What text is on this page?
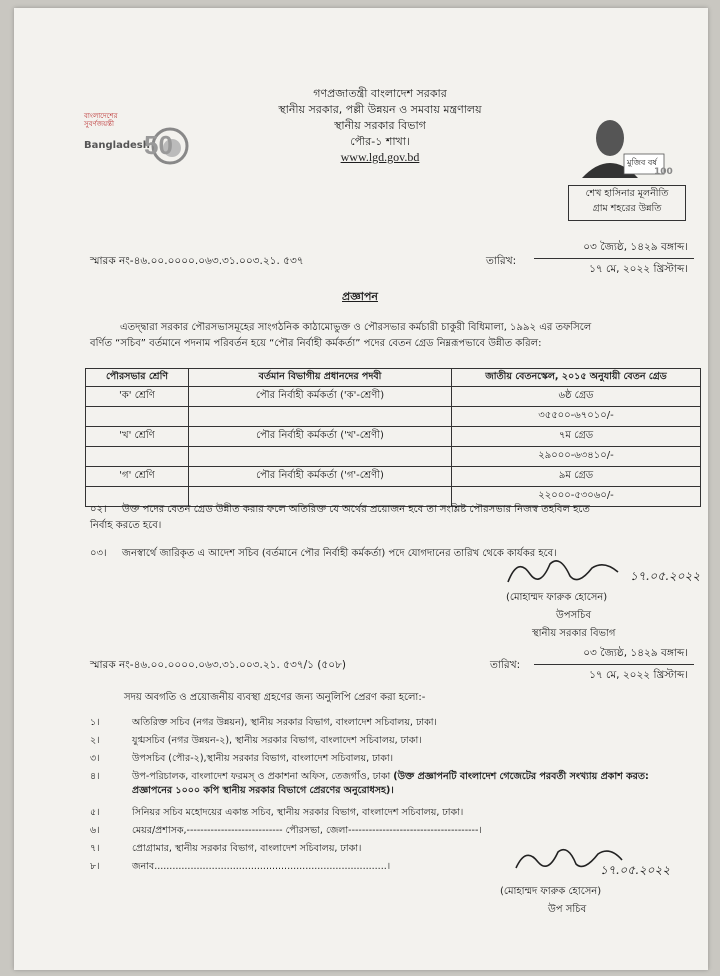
বাংলাদেশের সুবর্ণজয়ন্তী
Bangladesh
50
গণপ্রজাতন্ত্রী বাংলাদেশ সরকার
স্থানীয় সরকার, পল্লী উন্নয়ন ও সমবায় মন্ত্রণালয়
স্থানীয় সরকার বিভাগ
পৌর-১ শাখা।
www.lgd.gov.bd	মুজিব বর্ষ
100
শেখ হাসিনার মূলনীতি
গ্রাম শহরের উন্নতি
স্মারক নং-৪৬.০০.০০০০.০৬৩.৩১.০০৩.২১. ৫৩৭	তারিখ:
০৩ জ্যৈষ্ঠ, ১৪২৯ বঙ্গাব্দ।
১৭ মে, ২০২২ খ্রিস্টাব্দ।
প্রজ্ঞাপন
এতদ্দ্বারা সরকার পৌরসভাসমূহের সাংগঠনিক কাঠামোভুক্ত ও পৌরসভার কর্মচারী চাকুরী বিধিমালা, ১৯৯২ এর তফসিলে
বর্ণিত “সচিব” বর্তমানে পদনাম পরিবর্তন হয়ে “পৌর নির্বাহী কর্মকর্তা” পদের বেতন গ্রেড নিম্নরূপভাবে উন্নীত করিল:
পৌরসভার শ্রেণি	বর্তমান বিভাগীয় প্রধানদের পদবী	জাতীয় বেতনস্কেল, ২০১৫ অনুযায়ী বেতন গ্রেড
'ক' শ্রেণি	পৌর নির্বাহী কর্মকর্তা ('ক'-শ্রেণী)	৬ষ্ঠ গ্রেড
		৩৫৫০০-৬৭০১০/-
'খ' শ্রেণি	পৌর নির্বাহী কর্মকর্তা ('খ'-শ্রেণী)	৭ম গ্রেড
		২৯০০০-৬৩৪১০/-
'গ' শ্রেণি	পৌর নির্বাহী কর্মকর্তা ('গ'-শ্রেণী)	৯ম গ্রেড
		২২০০০-৫৩০৬০/-
০২। উক্ত পদের বেতন গ্রেড উন্নীত করার ফলে অতিরিক্ত যে অর্থের প্রয়োজন হবে তা সংশ্লিষ্ট পৌরসভার নিজস্ব তহবিল হতে
নির্বাহ করতে হবে।
০৩। জনস্বার্থে জারিকৃত এ আদেশ সচিব (বর্তমানে পৌর নির্বাহী কর্মকর্তা) পদে যোগদানের তারিখ থেকে কার্যকর হবে।
১৭.০৫.২০২২
(মোহাম্মদ ফারুক হোসেন)
উপসচিব
স্থানীয় সরকার বিভাগ
স্মারক নং-৪৬.০০.০০০০.০৬৩.৩১.০০৩.২১. ৫৩৭/১ (৫০৮)	তারিখ:
০৩ জ্যৈষ্ঠ, ১৪২৯ বঙ্গাব্দ।
১৭ মে, ২০২২ খ্রিস্টাব্দ।
সদয় অবগতি ও প্রয়োজনীয় ব্যবস্থা গ্রহণের জন্য অনুলিপি প্রেরণ করা হলো:-
১।	অতিরিক্ত সচিব (নগর উন্নয়ন), স্থানীয় সরকার বিভাগ, বাংলাদেশ সচিবালয়, ঢাকা।
২।	যুগ্মসচিব (নগর উন্নয়ন-২), স্থানীয় সরকার বিভাগ, বাংলাদেশ সচিবালয়, ঢাকা।
৩।	উপসচিব (পৌর-২),স্থানীয় সরকার বিভাগ, বাংলাদেশ সচিবালয়, ঢাকা।
৪।	উপ-পরিচালক, বাংলাদেশ ফরমস্ ও প্রকাশনা অফিস, তেজগাঁও, ঢাকা (উক্ত প্রজ্ঞাপনটি বাংলাদেশ গেজেটের পরবর্তী সংখ্যায় প্রকাশ করত: প্রজ্ঞাপনের ১০০০ কপি স্থানীয় সরকার বিভাগে প্রেরণের অনুরোধসহ)।
৫।	সিনিয়র সচিব মহোদয়ের একান্ত সচিব, স্থানীয় সরকার বিভাগ, বাংলাদেশ সচিবালয়, ঢাকা।
৬।	মেয়র/প্রশাসক,---------------------------- পৌরসভা, জেলা--------------------------------------।
৭।	প্রোগ্রামার, স্থানীয় সরকার বিভাগ, বাংলাদেশ সচিবালয়, ঢাকা।
৮।	জনাব.............................................................................।	১৭.০৫.২০২২
(মোহাম্মদ ফারুক হোসেন)
উপ সচিব
